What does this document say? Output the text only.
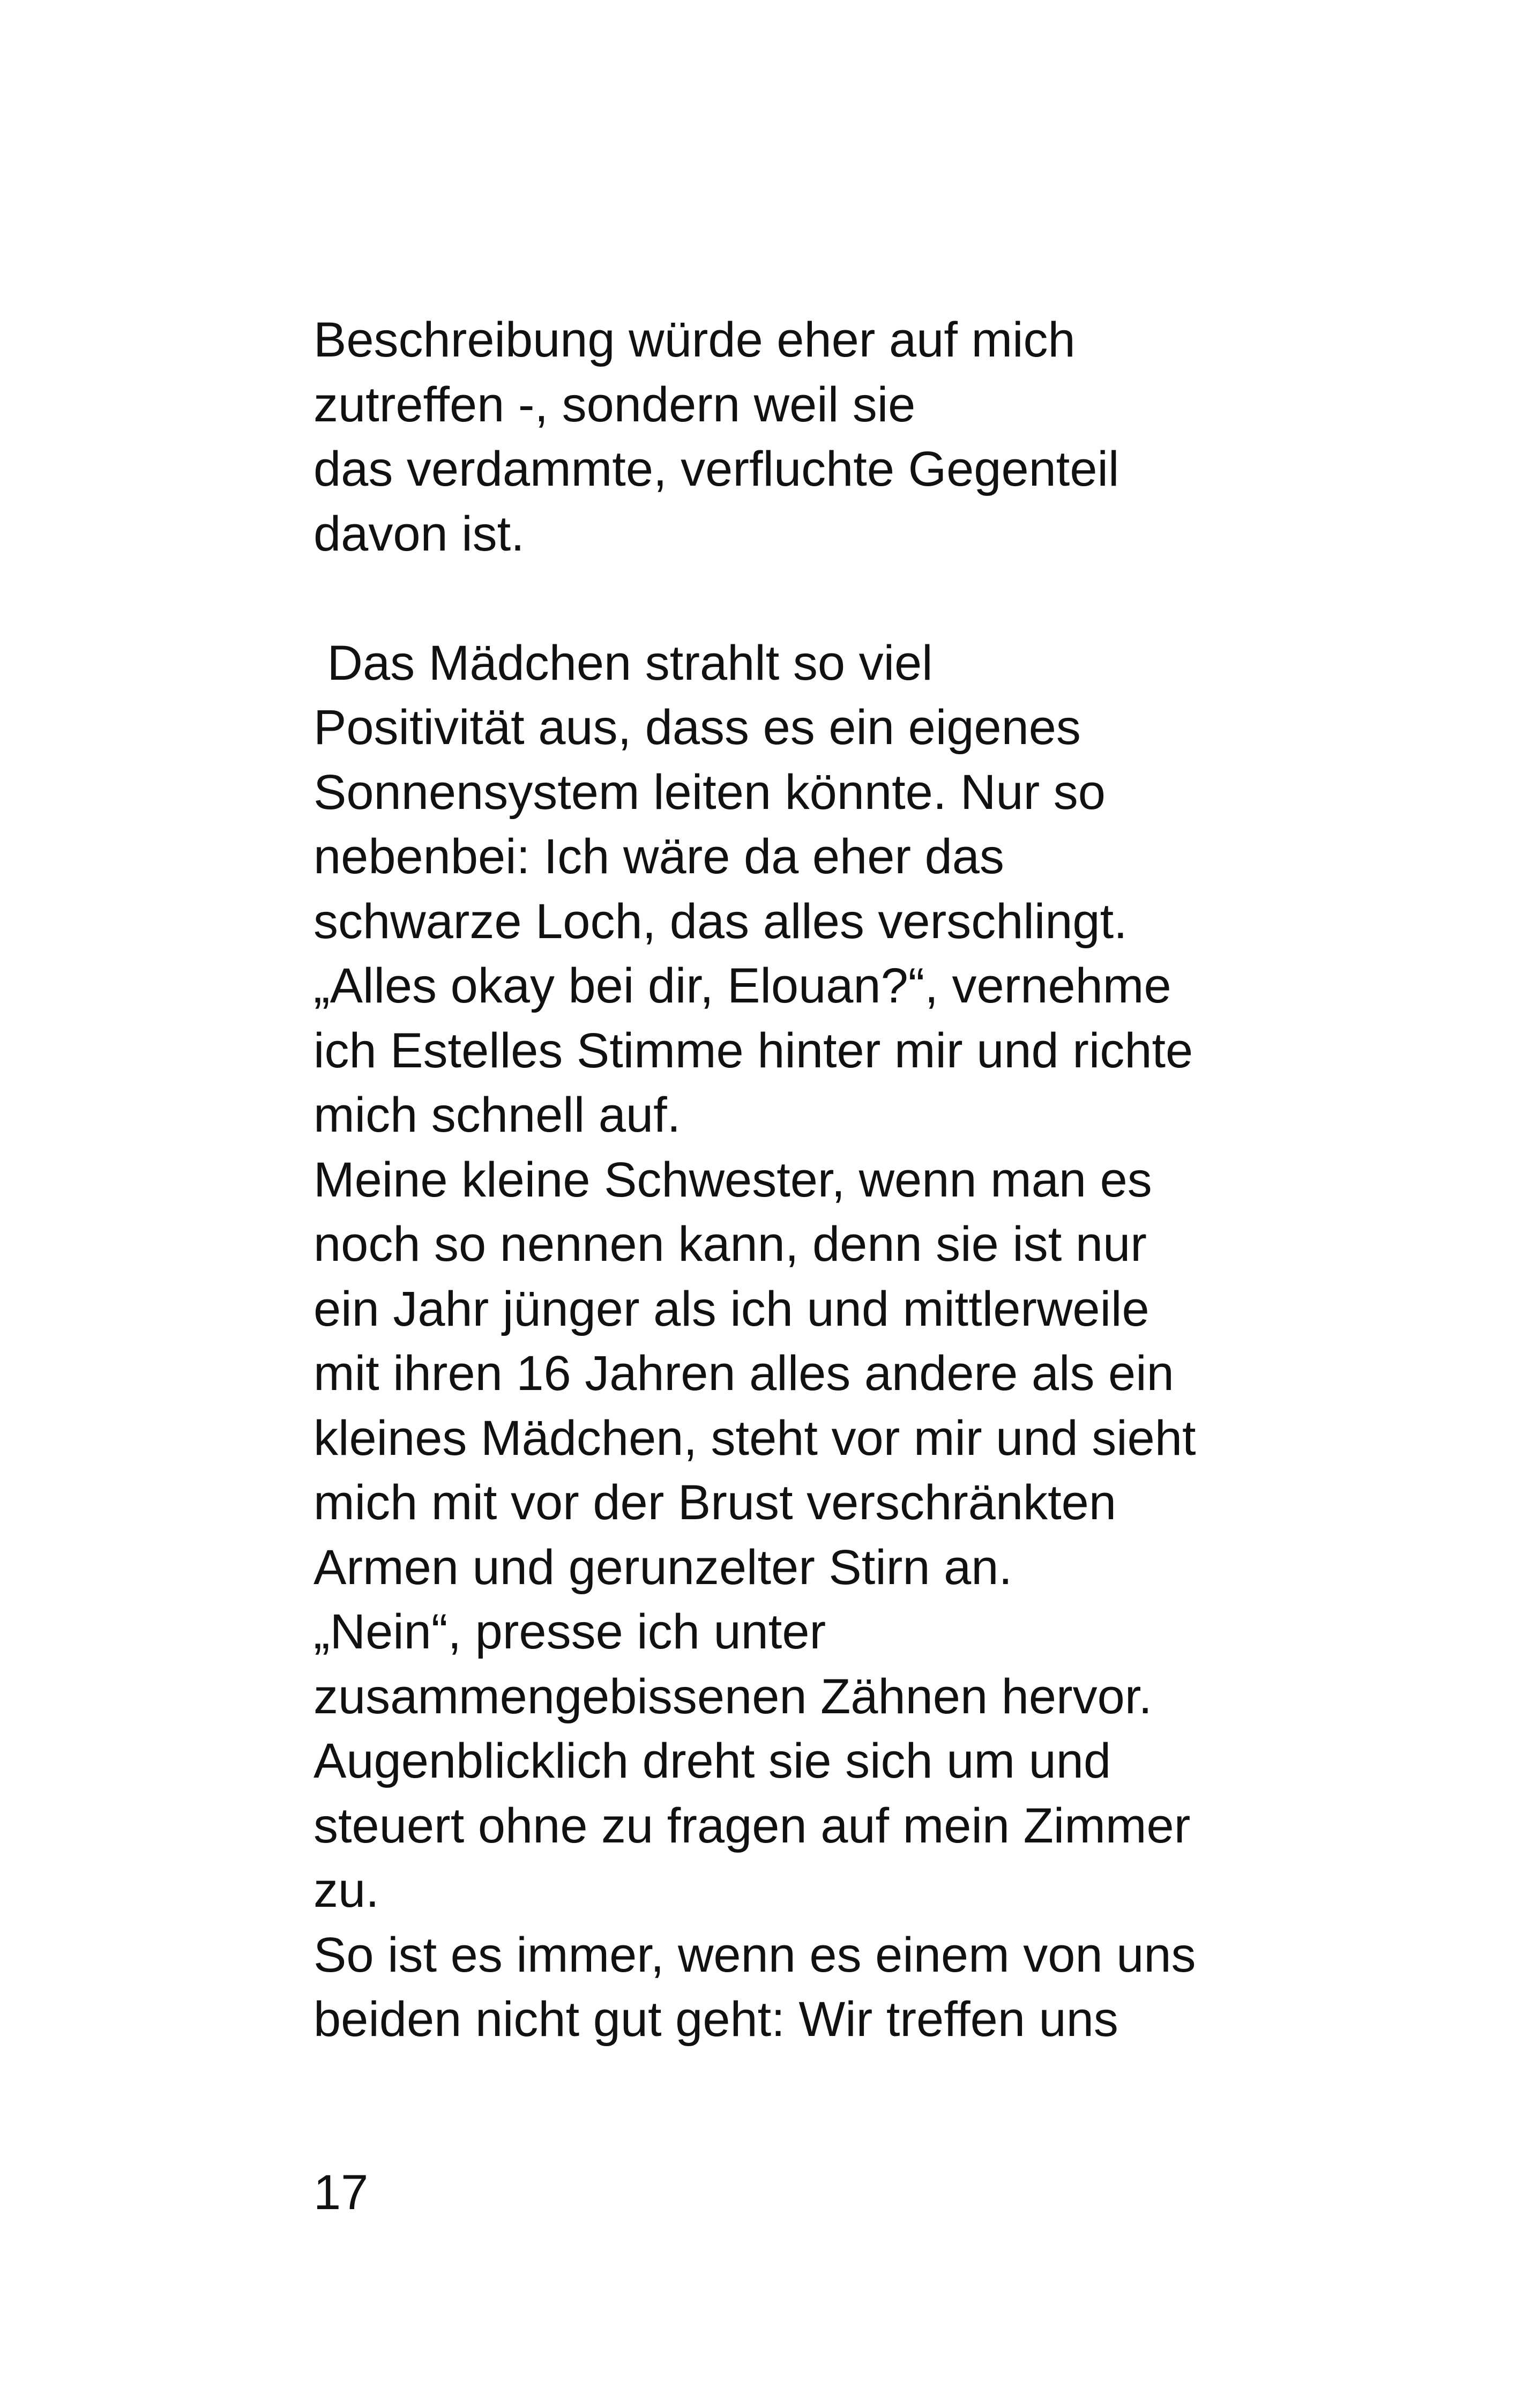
Beschreibung würde eher auf mich
zutreffen -, sondern weil sie
das verdammte, verfluchte Gegenteil
davon ist.
Das Mädchen strahlt so viel
Positivität aus, dass es ein eigenes
Sonnensystem leiten könnte. Nur so
nebenbei: Ich wäre da eher das
schwarze Loch, das alles verschlingt.
„Alles okay bei dir, Elouan?“, vernehme
ich Estelles Stimme hinter mir und richte
mich schnell auf.
Meine kleine Schwester, wenn man es
noch so nennen kann, denn sie ist nur
ein Jahr jünger als ich und mittlerweile
mit ihren 16 Jahren alles andere als ein
kleines Mädchen, steht vor mir und sieht
mich mit vor der Brust verschränkten
Armen und gerunzelter Stirn an.
„Nein“, presse ich unter
zusammengebissenen Zähnen hervor.
Augenblicklich dreht sie sich um und
steuert ohne zu fragen auf mein Zimmer
zu.
So ist es immer, wenn es einem von uns
beiden nicht gut geht: Wir treffen uns
17
